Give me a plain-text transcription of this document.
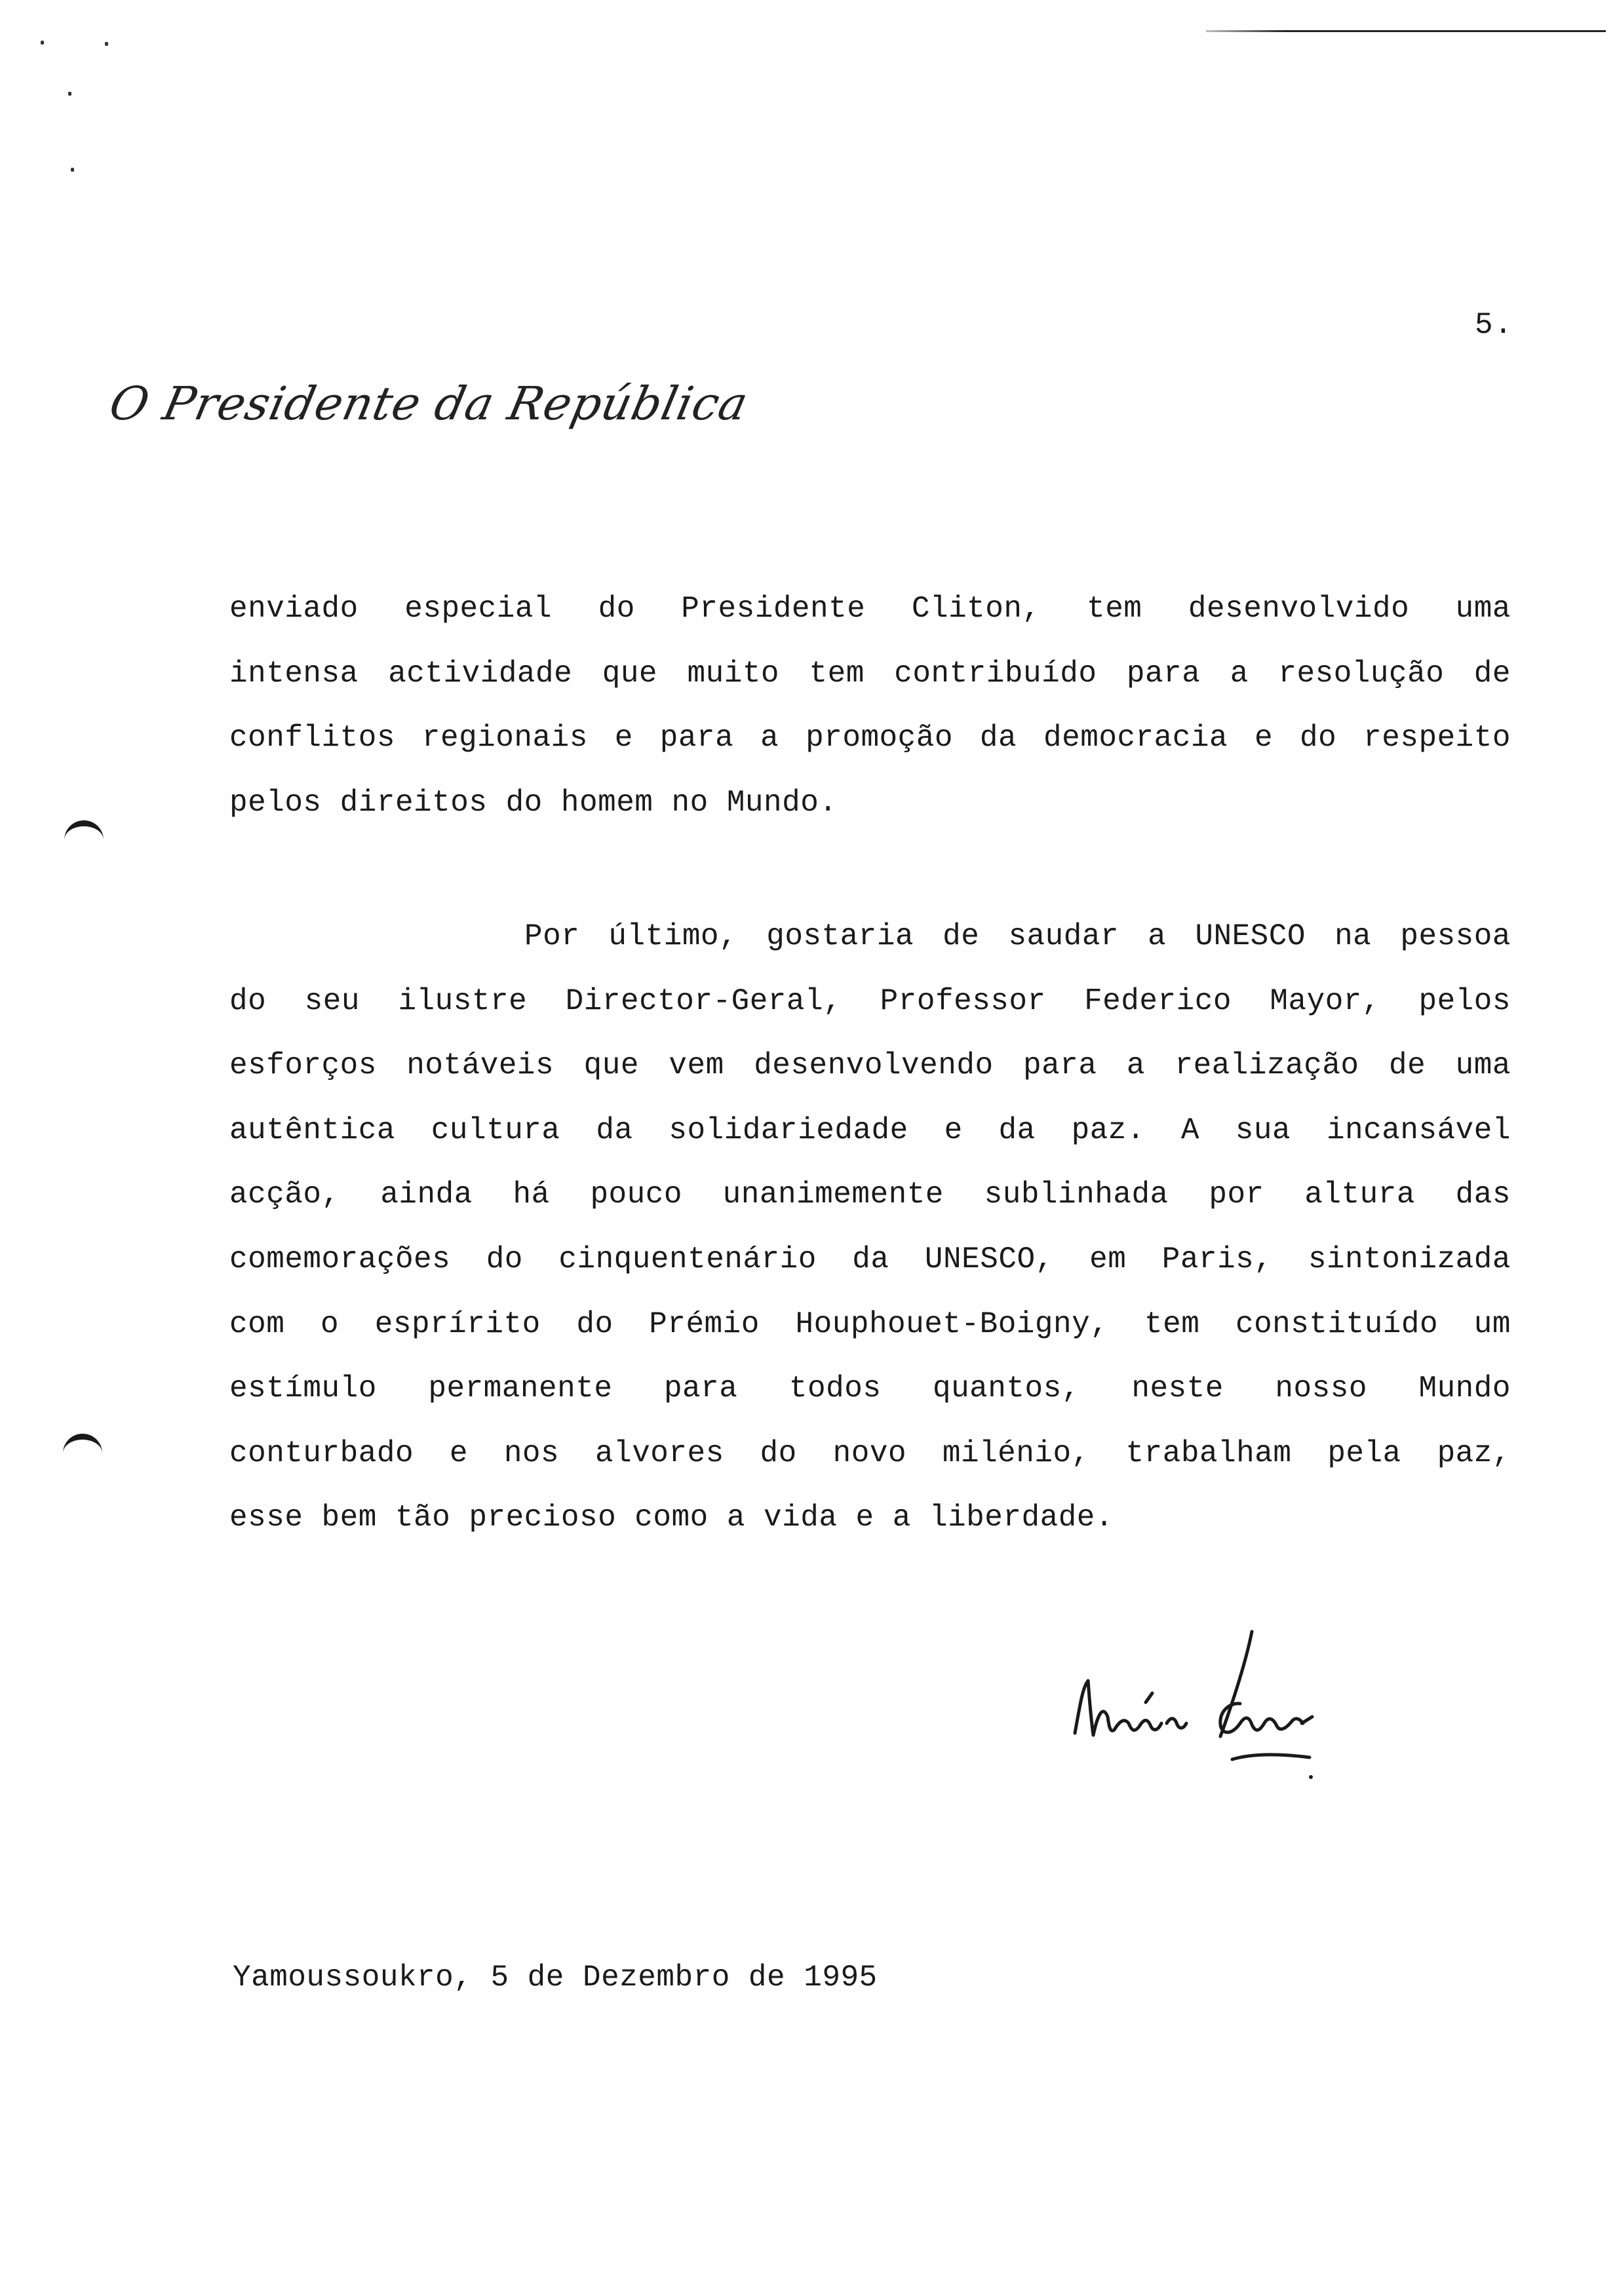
5.
O Presidente da República
enviado especial do Presidente Cliton, tem desenvolvido uma
intensa actividade que muito tem contribuído para a resolução de
conflitos regionais e para a promoção da democracia e do respeito
pelos direitos do homem no Mundo.
Por último, gostaria de saudar a UNESCO na pessoa
do seu ilustre Director-Geral, Professor Federico Mayor, pelos
esforços notáveis que vem desenvolvendo para a realização de uma
autêntica cultura da solidariedade e da paz. A sua incansável
acção, ainda há pouco unanimemente sublinhada por altura das
comemorações do cinquentenário da UNESCO, em Paris, sintonizada
com o esprírito do Prémio Houphouet-Boigny, tem constituído um
estímulo permanente para todos quantos, neste nosso Mundo
conturbado e nos alvores do novo milénio, trabalham pela paz,
esse bem tão precioso como a vida e a liberdade.
Yamoussoukro, 5 de Dezembro de 1995
